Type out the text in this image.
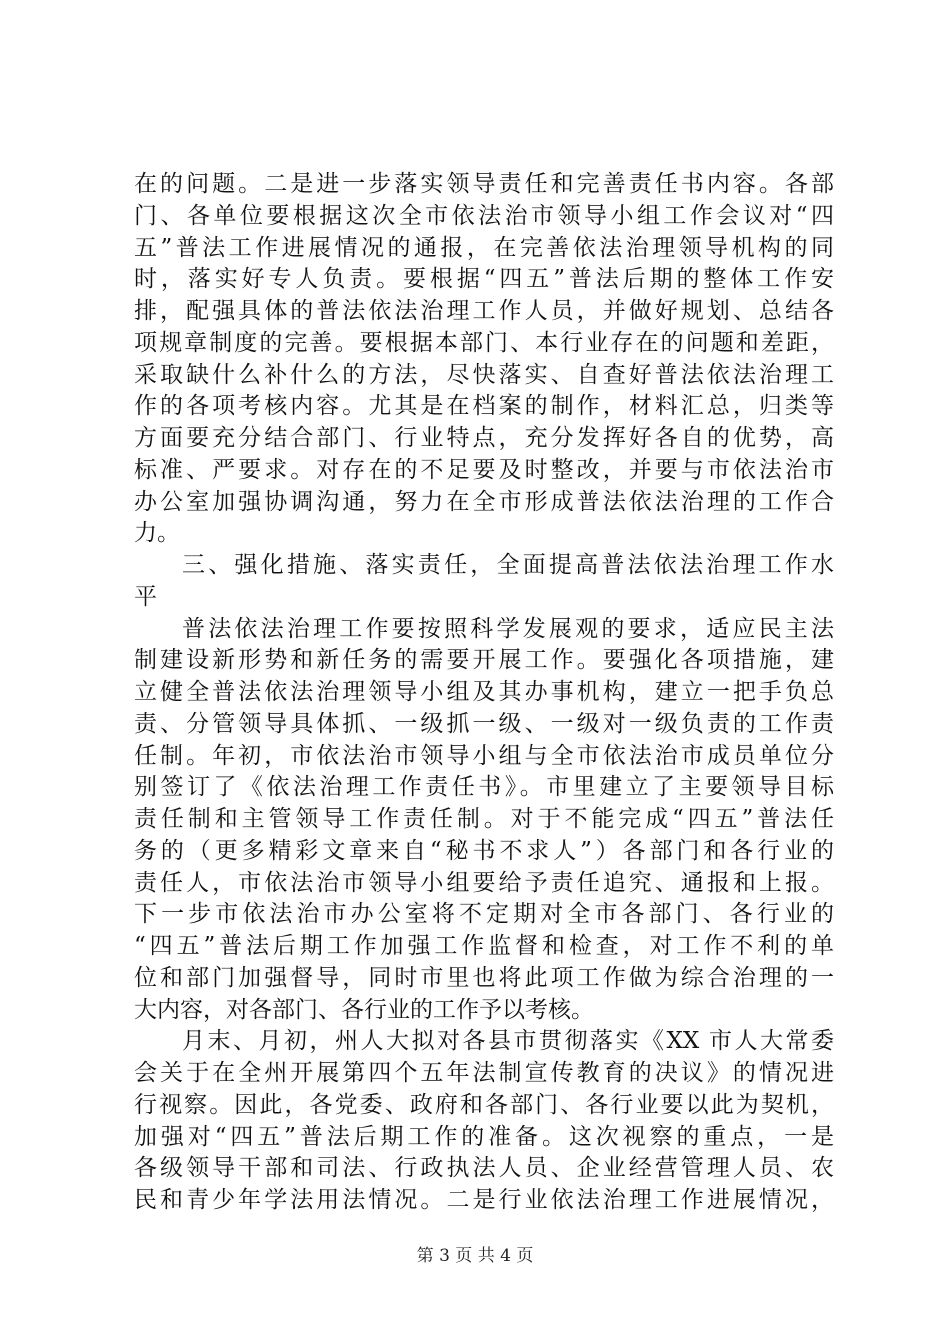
在的问题。二是进一步落实领导责任和完善责任书内容。各部
门、各单位要根据这次全市依法治市领导小组工作会议对“四
五”普法工作进展情况的通报，在完善依法治理领导机构的同
时，落实好专人负责。要根据“四五”普法后期的整体工作安
排，配强具体的普法依法治理工作人员，并做好规划、总结各
项规章制度的完善。要根据本部门、本行业存在的问题和差距，
采取缺什么补什么的方法，尽快落实、自查好普法依法治理工
作的各项考核内容。尤其是在档案的制作，材料汇总，归类等
方面要充分结合部门、行业特点，充分发挥好各自的优势，高
标准、严要求。对存在的不足要及时整改，并要与市依法治市
办公室加强协调沟通，努力在全市形成普法依法治理的工作合
力。
三、强化措施、落实责任，全面提高普法依法治理工作水
平
普法依法治理工作要按照科学发展观的要求，适应民主法
制建设新形势和新任务的需要开展工作。要强化各项措施，建
立健全普法依法治理领导小组及其办事机构，建立一把手负总
责、分管领导具体抓、一级抓一级、一级对一级负责的工作责
任制。年初，市依法治市领导小组与全市依法治市成员单位分
别签订了《依法治理工作责任书》。市里建立了主要领导目标
责任制和主管领导工作责任制。对于不能完成“四五”普法任
务的（更多精彩文章来自“秘书不求人”）各部门和各行业的
责任人，市依法治市领导小组要给予责任追究、通报和上报。
下一步市依法治市办公室将不定期对全市各部门、各行业的
“四五”普法后期工作加强工作监督和检查，对工作不利的单
位和部门加强督导，同时市里也将此项工作做为综合治理的一
大内容，对各部门、各行业的工作予以考核。
月末、月初，州人大拟对各县市贯彻落实《XX 市人大常委
会关于在全州开展第四个五年法制宣传教育的决议》的情况进
行视察。因此，各党委、政府和各部门、各行业要以此为契机，
加强对“四五”普法后期工作的准备。这次视察的重点，一是
各级领导干部和司法、行政执法人员、企业经营管理人员、农
民和青少年学法用法情况。二是行业依法治理工作进展情况，
第 3 页 共 4 页
